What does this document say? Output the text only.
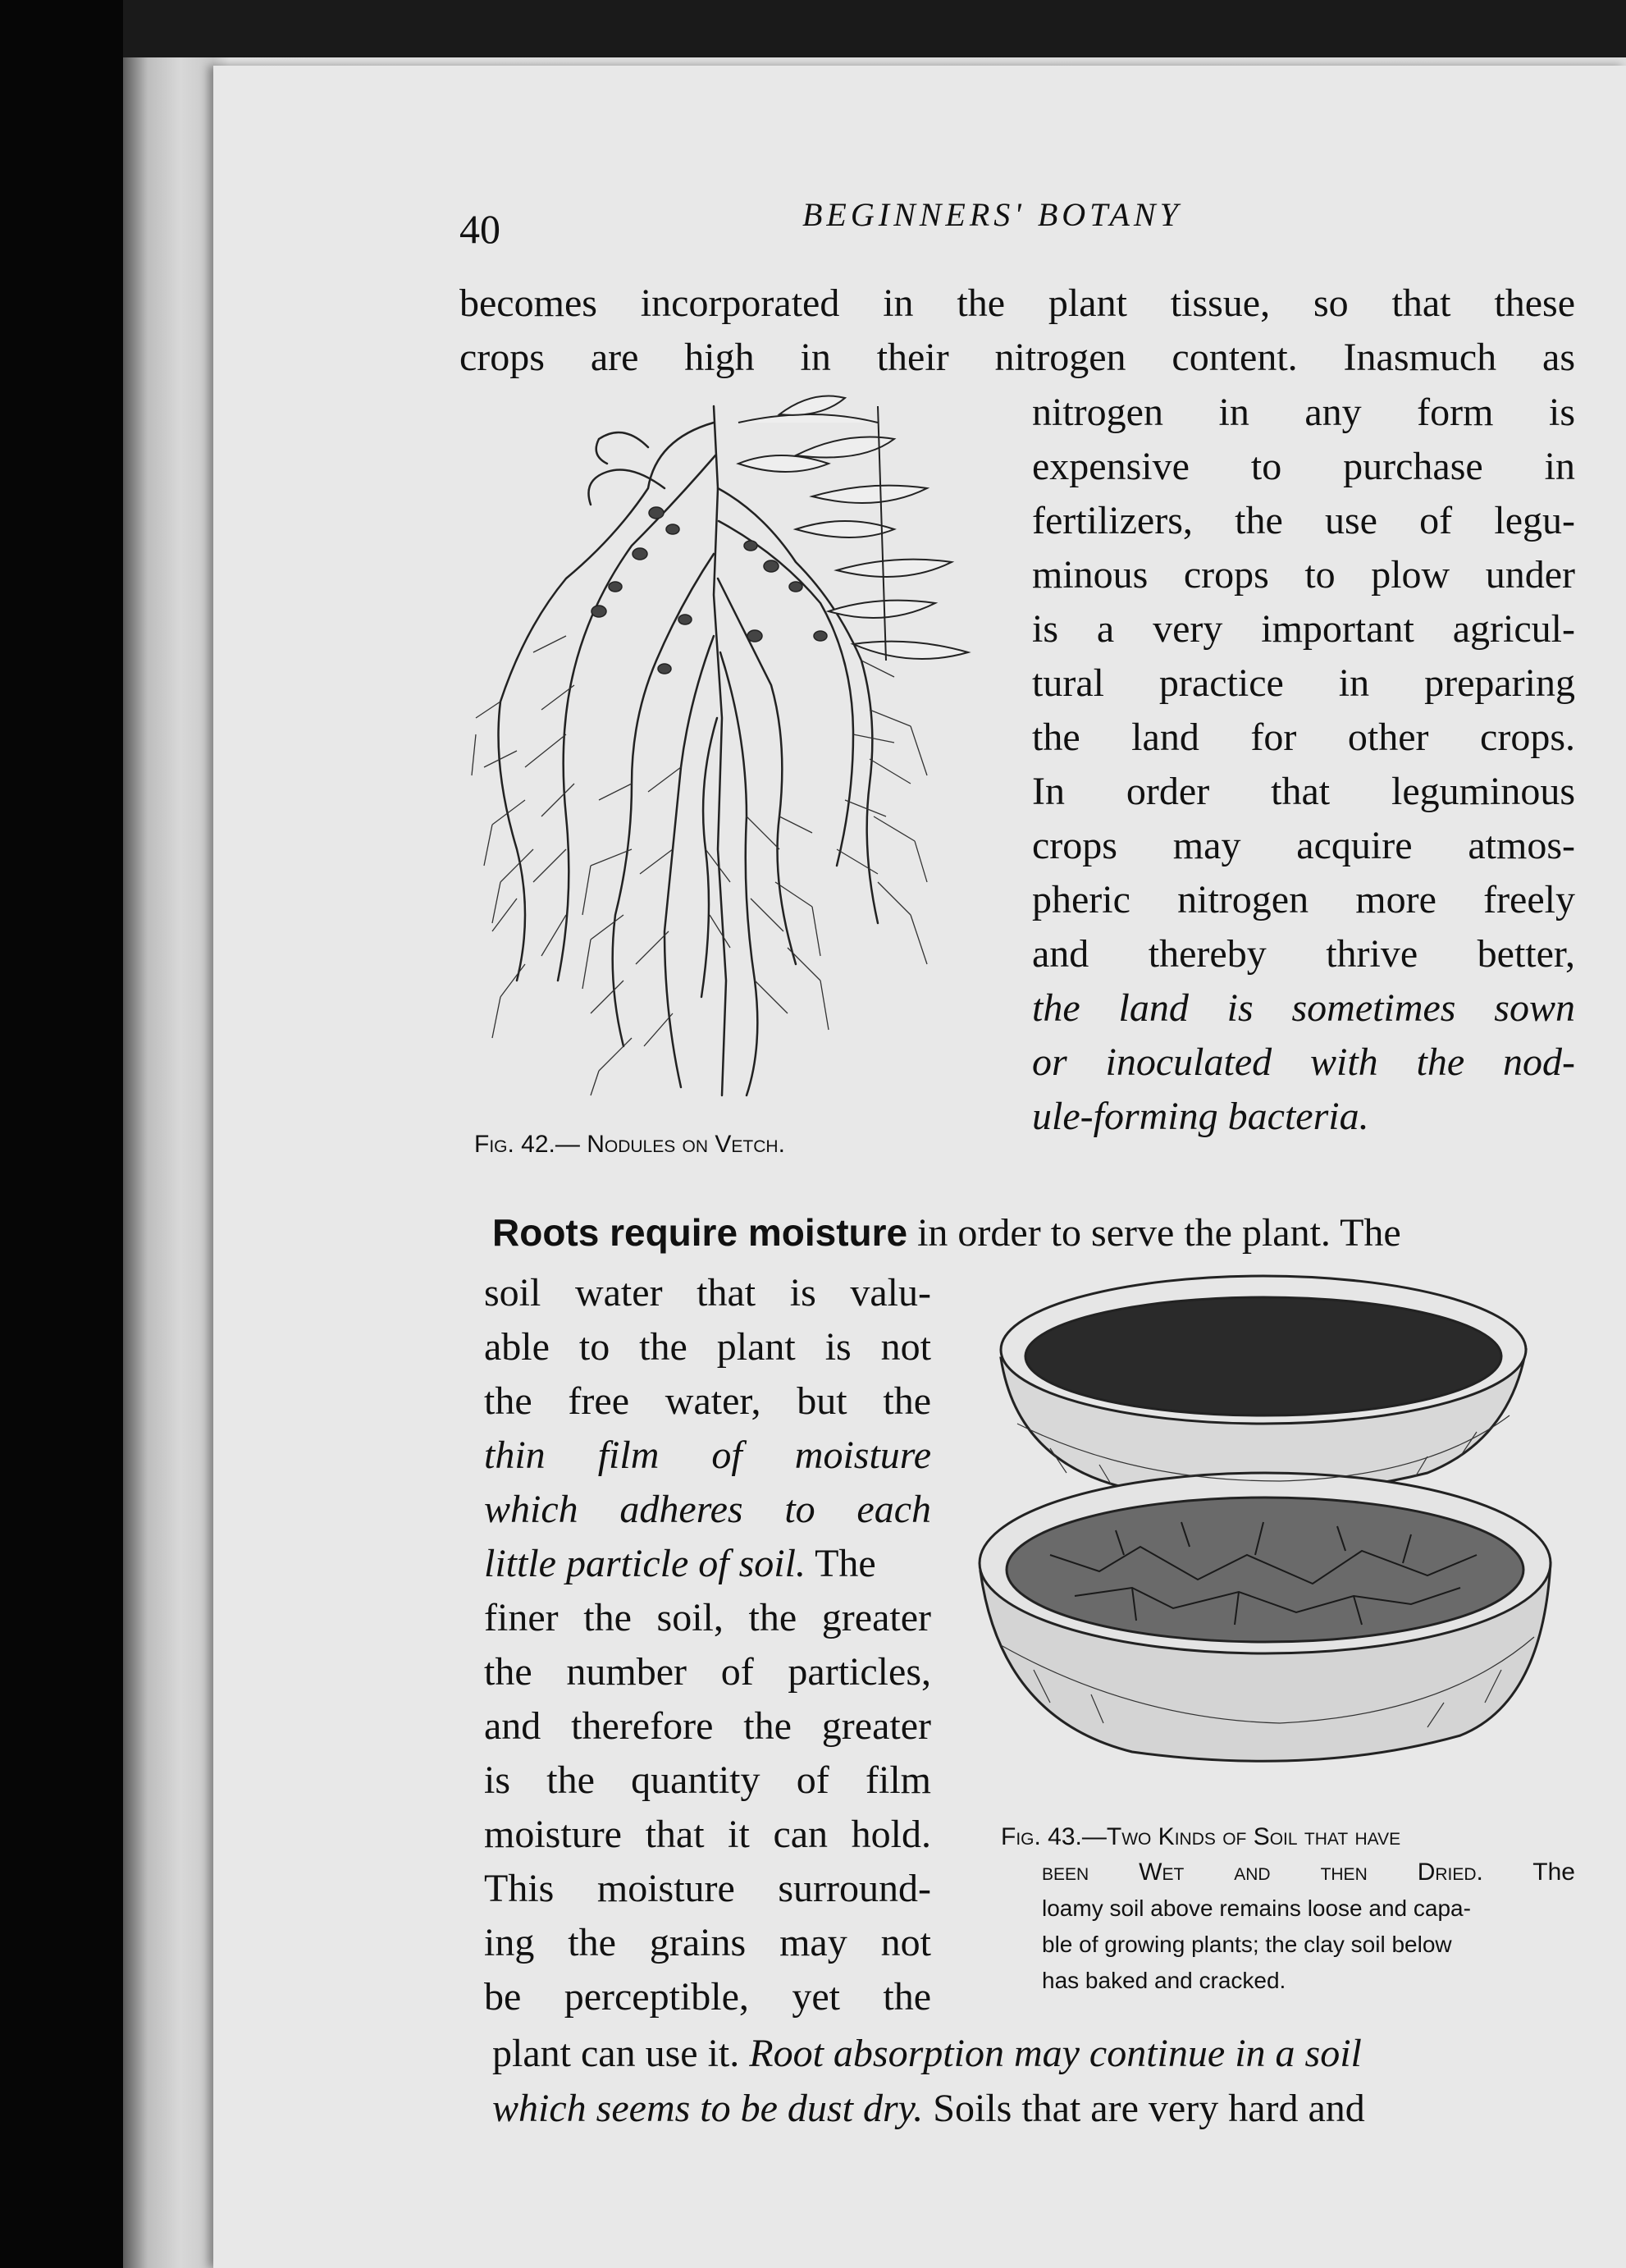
40	BEGINNERS' BOTANY
becomes incorporated in the plant tissue, so that these
crops are high in their nitrogen content. Inasmuch as
nitrogen in any form is
expensive to purchase in
fertilizers, the use of legu-
minous crops to plow under
is a very important agricul-
tural practice in preparing
the land for other crops.
In order that leguminous
crops may acquire atmos-
pheric nitrogen more freely
and thereby thrive better,
the land is sometimes sown
or inoculated with the nod-
ule-forming bacteria.
Fig. 42.— Nodules on Vetch.
Roots require moisture in order to serve the plant. The
soil water that is valu-
able to the plant is not
the free water, but the
thin film of moisture
which adheres to each
little particle of soil. The
finer the soil, the greater
the number of particles,
and therefore the greater
is the quantity of film
moisture that it can hold.
This moisture surround-
ing the grains may not
be perceptible, yet the
plant can use it. Root absorption may continue in a soil
which seems to be dust dry. Soils that are very hard and
Fig. 43.—Two Kinds of Soil that have
been Wet and then Dried. The
loamy soil above remains loose and capa-
ble of growing plants; the clay soil below
has baked and cracked.
